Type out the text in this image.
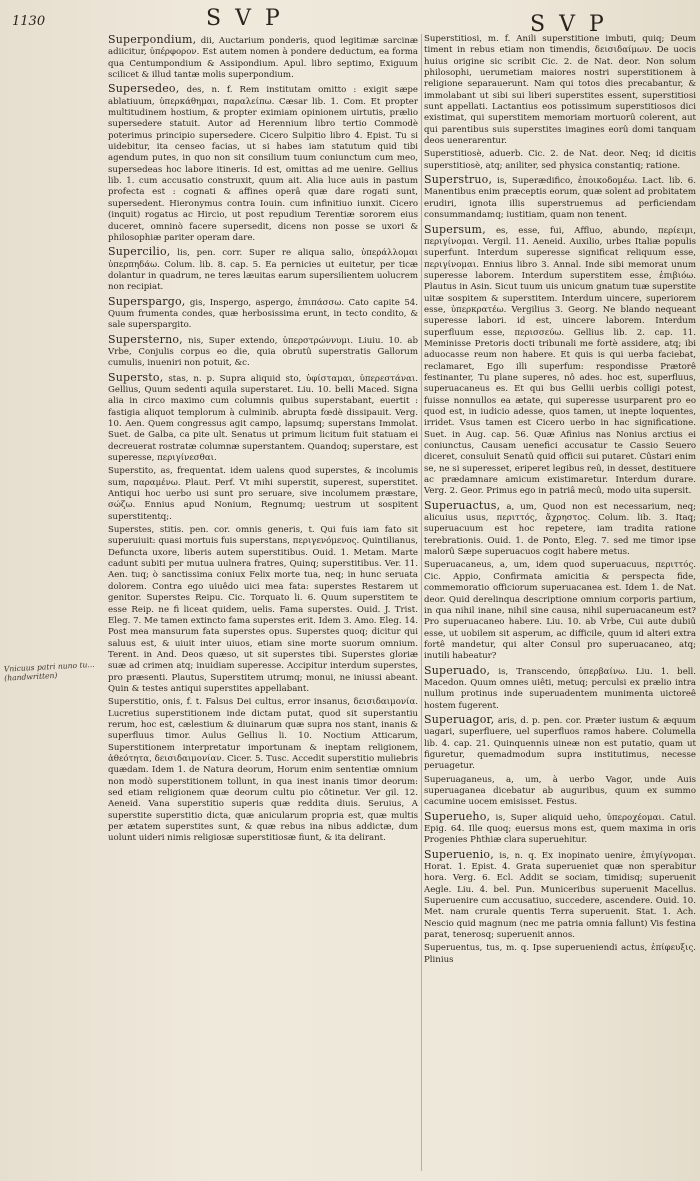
1130	SVP	SVP
Vnicuus patri nuno tu... (handwritten)

Superpondium, dii, Auctarium ponderis, quod legitimæ sarcinæ adiicitur, ὑπέρφορον. Est autem nomen à pondere deductum, ea forma qua Centumpondium & Assipondium. Apul. libro septimo, Exiguum scilicet & illud tantæ molis superpondium.

Supersedeo, des, n. f. Rem institutam omitto : exigit sæpe ablatiuum, ὑπερκάθημαι, παραλείπω. Cæsar lib. 1. Com. Et propter multitudinem hostium, & propter eximiam opinionem uirtutis, prælio supersedere statuit. Autor ad Herennium libro tertio Commodè poterimus principio supersedere. Cicero Sulpitio libro 4. Epist. Tu si uidebitur, ita censeo facias, ut si habes iam statutum quid tibi agendum putes, in quo non sit consilium tuum coniunctum cum meo, supersedeas hoc labore itineris. Id est, omittas ad me uenire. Gellius lib. 1. cum accusatio construxit, quum ait. Alia luce auis in pastum profecta est : cognati & affines operâ quæ dare rogati sunt, supersedent. Hieronymus contra Iouin. cum infinitiuo iunxit. Cicero (inquit) rogatus ac Hircio, ut post repudium Terentiæ sororem eius duceret, omninò facere supersedit, dicens non posse se uxori & philosophiæ pariter operam dare.

Supercilio, lis, pen. corr. Super re aliqua salio, ὑπεράλλομαι ὑπερπηδάω. Colum. lib. 8. cap. 5. Ea pernicies ut euitetur, per ticæ dolantur in quadrum, ne teres læuitas earum supersilientem uolucrem non recipiat.

Superspargo, gis, Inspergo, aspergo, ἐπιπάσσω. Cato capite 54. Quum frumenta condes, quæ herbosissima erunt, in tecto condito, & sale superspargito.

Supersterno, nis, Super extendo, ὑπερστρώννυμι. Liuiu. 10. ab Vrbe, Conjulis corpus eo die, quia obrutû superstratis Gallorum cumulis, inueniri non potuit, &c.

Supersto, stas, n. p. Supra aliquid sto, ὑφίσταμαι, ὑπερεστάναι. Gellius, Quum sedenti aquila superstaret. Liu. 10. belli Maced. Signa alia in circo maximo cum columnis quibus superstabant, euertit : fastigia aliquot templorum à culminib. abrupta fœdè dissipauit. Verg. 10. Aen. Quem congressus agit campo, lapsumq; superstans Immolat. Suet. de Galba, ca pite ult. Senatus ut primum licitum fuit statuam ei decreuerat rostratæ columnæ superstantem. Quandoq; superstare, est superesse, περιγίνεσθαι.

Superstito, as, frequentat. idem ualens quod superstes, & incolumis sum, παραμένω. Plaut. Perf. Vt mihi superstit, superest, superstitet. Antiqui hoc uerbo usi sunt pro seruare, sive incolumem præstare, σώζω. Ennius apud Nonium, Regnumq; uestrum ut sospitent superstitentq;.

Superstes, stitis. pen. cor. omnis generis, t. Qui fuis iam fato sit superuiuit: quasi mortuis fuis superstans, περιγενόμενος. Quintilianus, Defuncta uxore, liberis autem superstitibus. Ouid. 1. Metam. Marte cadunt subiti per mutua uulnera fratres, Quinq; superstitibus. Ver. 11. Aen. tuq; ò sanctissima coniux Felix morte tua, neq; in hunc seruata dolorem. Contra ego uiuêdo uici mea fata: superstes Restarem ut genitor. Superstes Reipu. Cic. Torquato li. 6. Quum superstitem te esse Reip. ne fi liceat quidem, uelis. Fama superstes. Ouid. J. Trist. Eleg. 7. Me tamen extincto fama superstes erit. Idem 3. Amo. Eleg. 14. Post mea mansurum fata superstes opus. Superstes quoq; dicitur qui saluus est, & uiuit inter uiuos, etiam sine morte suorum omnium. Terent. in And. Deos quæso, ut sit superstes tibi. Superstes gloriæ suæ ad crimen atq; inuidiam superesse. Accipitur interdum superstes, pro præsenti. Plautus, Superstitem utrumq; monui, ne iniussi abeant. Quin & testes antiqui superstites appellabant.

Superstitio, onis, f. t. Falsus Dei cultus, error insanus, δεισιδαιμονία. Lucretius superstitionem inde dictam putat, quod sit superstantiu rerum, hoc est, cælestium & diuinarum quæ supra nos stant, inanis & superfluus timor. Aulus Gellius li. 10. Noctium Atticarum, Superstitionem interpretatur importunam & ineptam religionem, ἀθεότητα, δεισιδαιμονίαν. Cicer. 5. Tusc. Accedit superstitio muliebris quædam. Idem 1. de Natura deorum, Horum enim sententiæ omnium non modò superstitionem tollunt, in qua inest inanis timor deorum: sed etiam religionem quæ deorum cultu pio côtinetur. Ver gil. 12. Aeneid. Vana superstitio superis quæ reddita diuis. Seruius, A superstite superstitio dicta, quæ anicularum propria est, quæ multis per ætatem superstites sunt, & quæ rebus ina nibus addictæ, dum uolunt uideri nimis religiosæ superstitiosæ fiunt, & ita delirant.

Superstitiosi, m. f. Anili superstitione imbuti, quiq; Deum timent in rebus etiam non timendis, δεισιδαίμων. De uocis huius origine sic scribit Cic. 2. de Nat. deor. Non solum philosophi, uerumetiam maiores nostri superstitionem à religione separauerunt. Nam qui totos dies precabantur, & immolabant ut sibi sui liberi superstites essent, superstitiosi sunt appellati. Lactantius eos potissimum superstitiosos dici existimat, qui superstitem memoriam mortuorû colerent, aut qui parentibus suis superstites imagines eorû domi tanquam deos uenerarentur.

Superstitiosè, aduerb. Cic. 2. de Nat. deor. Neq; id dicitis superstitiosè, atq; aniliter, sed physica constantiq; ratione.

Superstruo, is, Superædifico, ἐποικοδομέω. Lact. lib. 6. Manentibus enim præceptis eorum, quæ solent ad probitatem erudiri, ignota illis superstruemus ad perficiendam consummandamq; iustitiam, quam non tenent.

Supersum, es, esse, fui, Affluo, abundo, περίειμι, περιγίνομαι. Vergil. 11. Aeneid. Auxilio, urbes Italiæ populis superfunt. Interdum superesse significat reliquum esse, περιγίνομαι. Ennius libro 3. Annal. Inde sibi memorat unum superesse laborem. Interdum superstitem esse, ἐπιβιόω. Plautus in Asin. Sicut tuum uis unicum gnatum tuæ superstite uitæ sospitem & superstitem. Interdum uincere, superiorem esse, ὑπερκρατέω. Vergilius 3. Georg. Ne blando nequeant superesse labori. id est, uincere laborem. Interdum superfluum esse, περισσεύω. Gellius lib. 2. cap. 11. Meminisse Pretoris docti tribunali me fortè assidere, atq; ibi aduocasse reum non habere. Et quis is qui uerba faciebat, reclamaret, Ego illi superfum: respondisse Prætorê festinanter, Tu plane superes, nô ades. hoc est, superfluus, superuacaneus es. Et qui bus Gellii uerbis colligi potest, fuisse nonnullos ea ætate, qui superesse usurparent pro eo quod est, in iudicio adesse, quos tamen, ut inepte loquentes, irridet. Vsus tamen est Cicero uerbo in hac significatione. Suet. in Aug. cap. 56. Quæ Afinius nas Nonius arctius ei coniunctus, Causam uenefici accusatur te Cassio Seuero diceret, consuluit Senatû quid officii sui putaret. Cûstari enim se, ne si superesset, eriperet legibus reû, in desset, destituere ac prædamnare amicum existimaretur. Interdum durare. Verg. 2. Geor. Primus ego in patriâ mecû, modo uita supersit.

Superuactus, a, um, Quod non est necessarium, neq; alicuius usus, περιττός, ἄχρηστος. Colum. lib. 3. Itaq; superuacuum est hoc repetere, iam tradita ratione terebrationis. Ouid. 1. de Ponto, Eleg. 7. sed me timor ipse malorû Sæpe superuacuos cogit habere metus.

Superuacaneus, a, um, idem quod superuacuus, περιττός. Cic. Appio, Confirmata amicitia & perspecta fide, commemoratio officiorum superuacanea est. Idem 1. de Nat. deor. Quid derelinqua descriptione omnium corporis partium, in qua nihil inane, nihil sine causa, nihil superuacaneum est? Pro superuacaneo habere. Liu. 10. ab Vrbe, Cui aute dubiû esse, ut uobilem sit asperum, ac difficile, quum id alteri extra fortê mandetur, qui alter Consul pro superuacaneo, atq; inutili habeatur?

Superuado, is, Transcendo, ὑπερβαίνω. Liu. 1. bell. Macedon. Quum omnes uiêti, metuq; perculsi ex prælio intra nullum protinus inde superuadentem munimenta uictoreê hostem fugerent.

Superuagor, aris, d. p. pen. cor. Præter iustum & æquum uagari, superfluere, uel superfluos ramos habere. Columella lib. 4. cap. 21. Quinquennis uineæ non est putatio, quam ut figuretur, quemadmodum supra institutimus, necesse peruagetur.

Superuaganeus, a, um, à uerbo Vagor, unde Auis superuaganea dicebatur ab auguribus, quum ex summo cacumine uocem emisisset. Festus.

Superueho, is, Super aliquid ueho, ὑπεροχέομαι. Catul. Epig. 64. Ille quoq; euersus mons est, quem maxima in oris Progenies Phthiæ clara superuehitur.

Superuenio, is, n. q. Ex inopinato uenire, ἐπιγίγνομαι. Horat. 1. Epist. 4. Grata superueniet quæ non sperabitur hora. Verg. 6. Ecl. Addit se sociam, timidisq; superuenit Aegle. Liu. 4. bel. Pun. Municeribus superuenit Macellus. Superuenire cum accusatiuo, succedere, ascendere. Ouid. 10. Met. nam crurale quentis Terra superuenit. Stat. 1. Ach. Nescio quid magnum (nec me patria omnia fallunt) Vis festina parat, tenerosq; superuenit annos.

Superuentus, tus, m. q. Ipse superueniendi actus, ἐπίφευξις. Plinius
